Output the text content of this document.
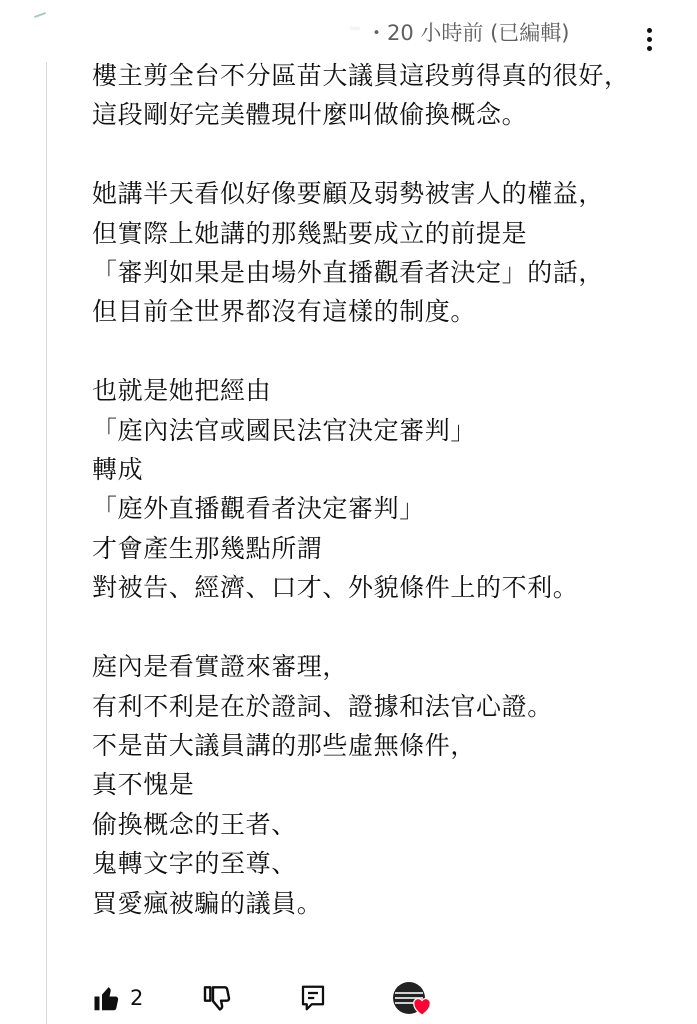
… ・20 小時前 (已編輯)
樓主剪全台不分區苗大議員這段剪得真的很好，
這段剛好完美體現什麼叫做偷換概念。

她講半天看似好像要顧及弱勢被害人的權益，
但實際上她講的那幾點要成立的前提是
「審判如果是由場外直播觀看者決定」的話，
但目前全世界都沒有這樣的制度。

也就是她把經由
「庭內法官或國民法官決定審判」
轉成
「庭外直播觀看者決定審判」
才會產生那幾點所謂
對被告、經濟、口才、外貌條件上的不利。

庭內是看實證來審理，
有利不利是在於證詞、證據和法官心證。
不是苗大議員講的那些虛無條件，
真不愧是
偷換概念的王者、
鬼轉文字的至尊、
買愛瘋被騙的議員。
2
